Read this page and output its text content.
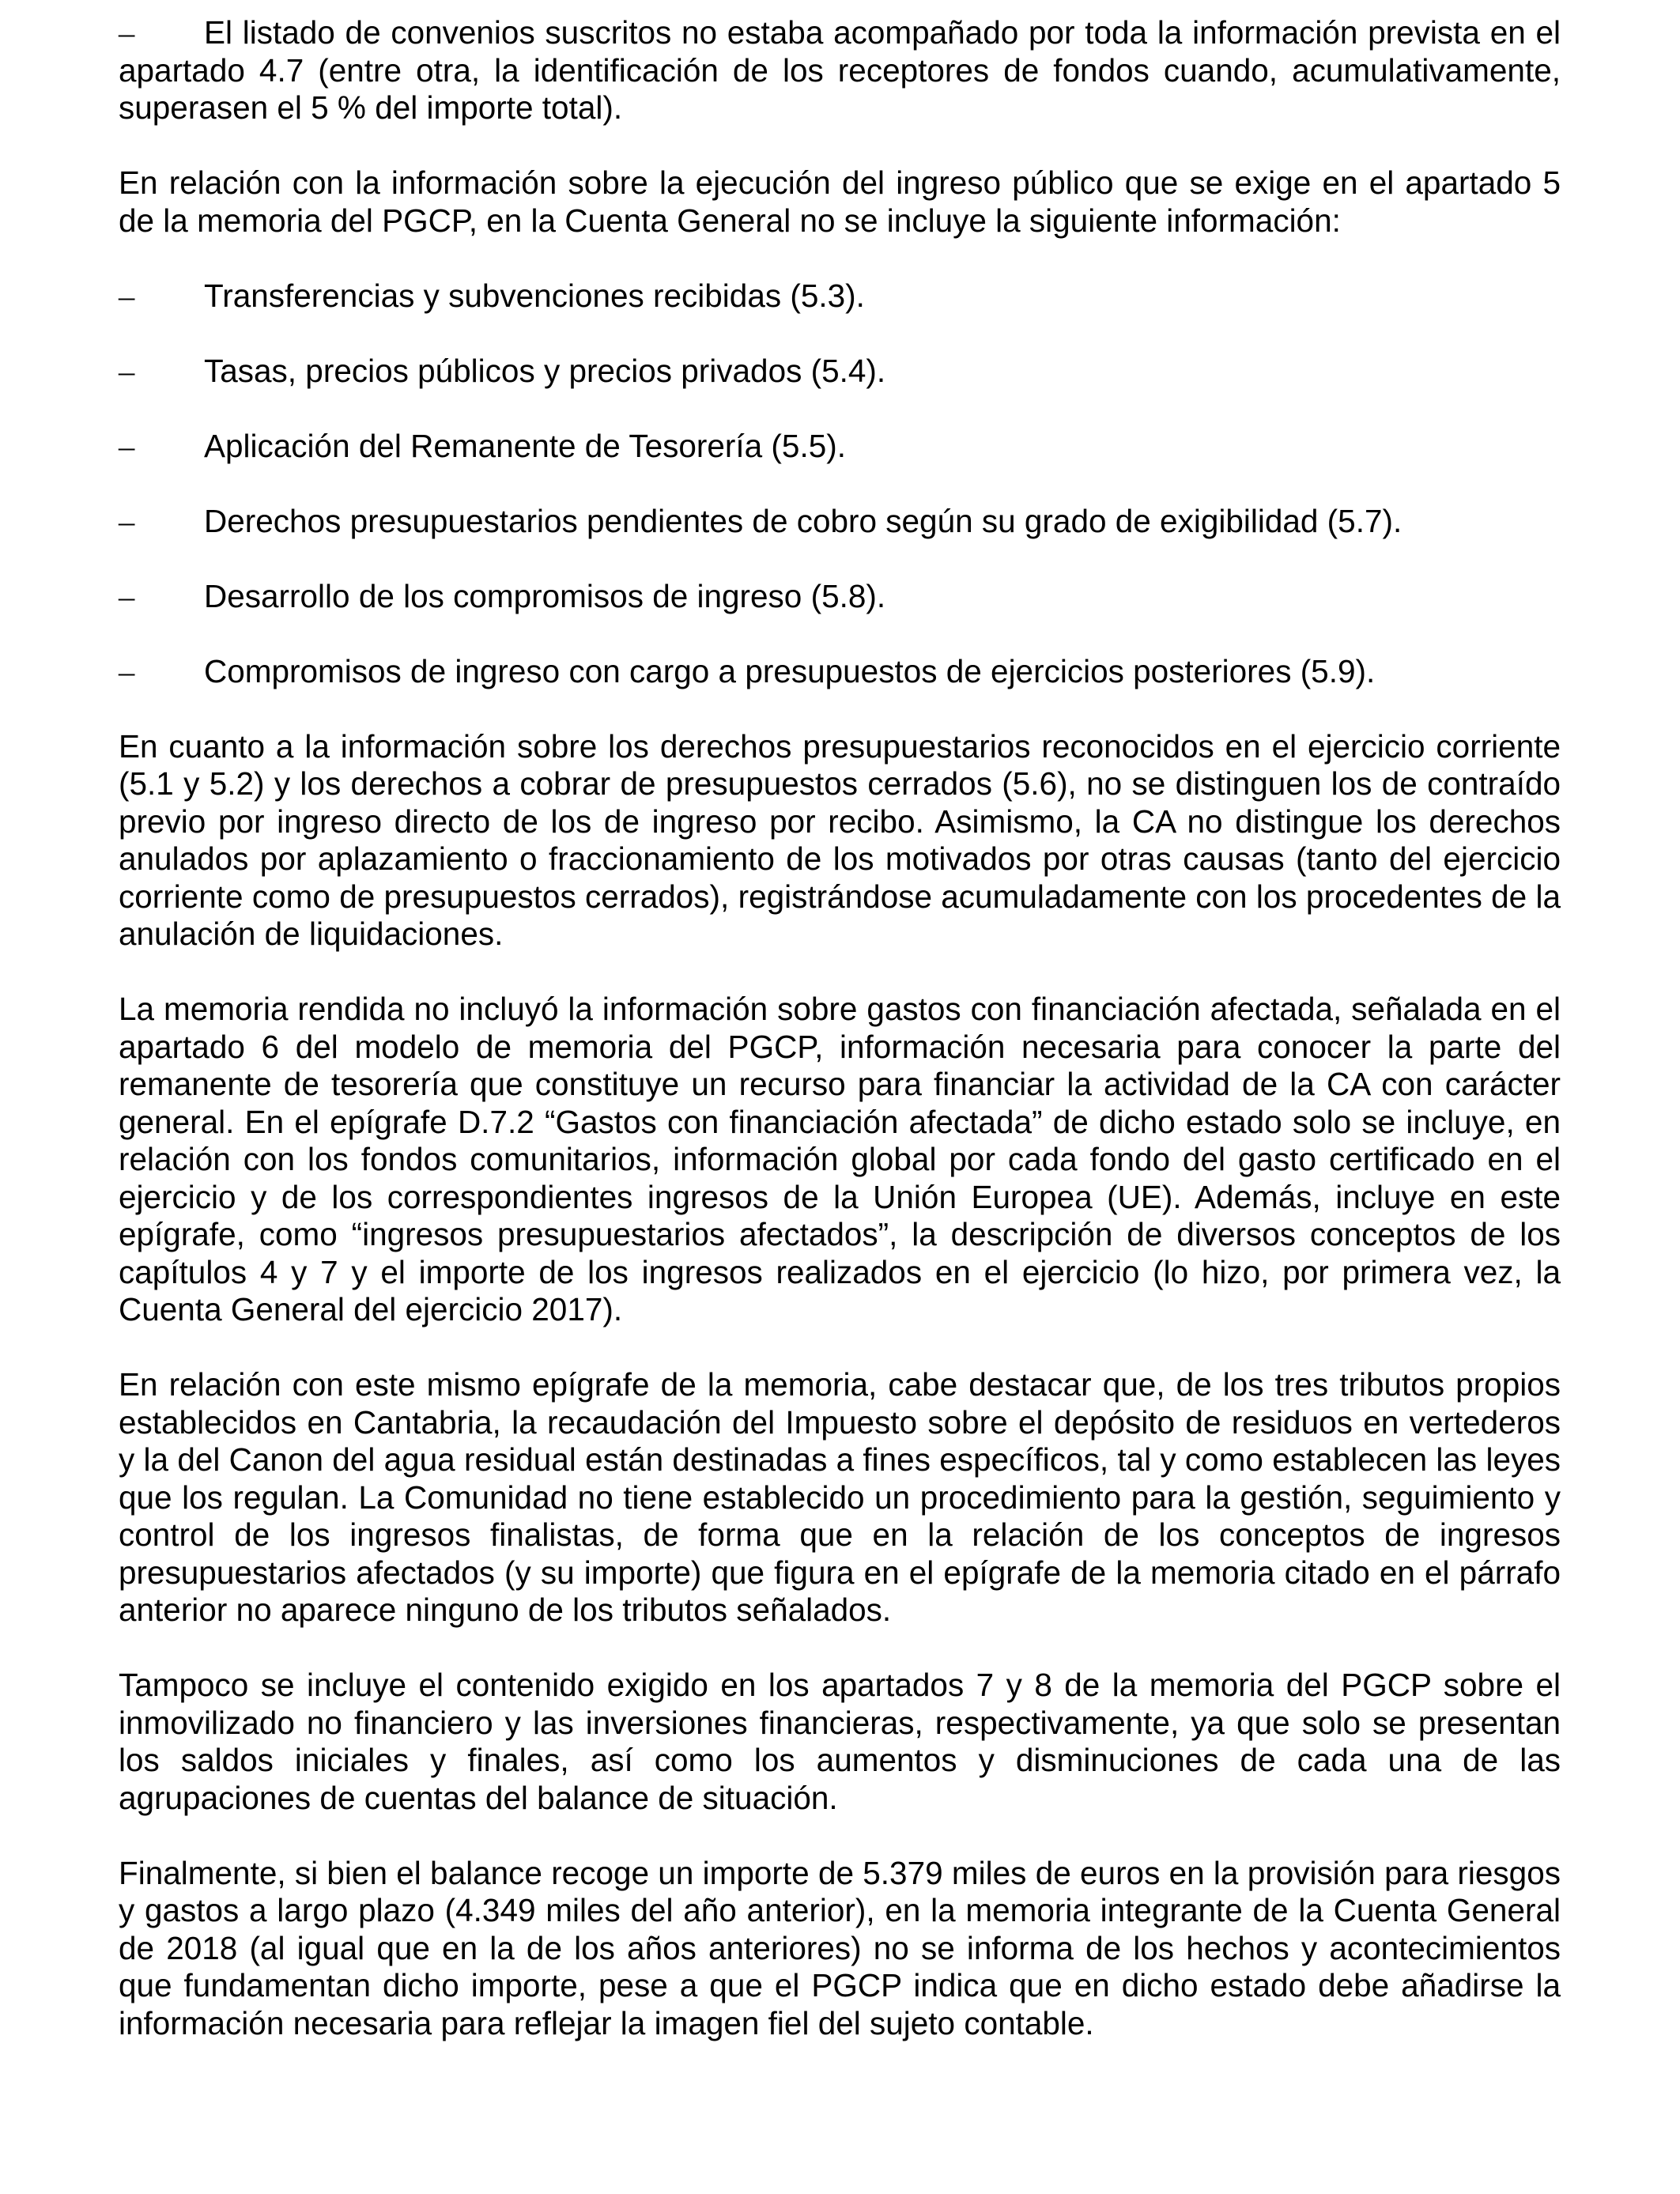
– El listado de convenios suscritos no estaba acompañado por toda la información prevista en el apartado 4.7 (entre otra, la identificación de los receptores de fondos cuando, acumulativamente, superasen el 5 % del importe total).

En relación con la información sobre la ejecución del ingreso público que se exige en el apartado 5 de la memoria del PGCP, en la Cuenta General no se incluye la siguiente información:

–	Transferencias y subvenciones recibidas (5.3).
–	Tasas, precios públicos y precios privados (5.4).
–	Aplicación del Remanente de Tesorería (5.5).
–	Derechos presupuestarios pendientes de cobro según su grado de exigibilidad (5.7).
–	Desarrollo de los compromisos de ingreso (5.8).
–	Compromisos de ingreso con cargo a presupuestos de ejercicios posteriores (5.9).

En cuanto a la información sobre los derechos presupuestarios reconocidos en el ejercicio corriente (5.1 y 5.2) y los derechos a cobrar de presupuestos cerrados (5.6), no se distinguen los de contraído previo por ingreso directo de los de ingreso por recibo. Asimismo, la CA no distingue los derechos anulados por aplazamiento o fraccionamiento de los motivados por otras causas (tanto del ejercicio corriente como de presupuestos cerrados), registrándose acumuladamente con los procedentes de la anulación de liquidaciones.

La memoria rendida no incluyó la información sobre gastos con financiación afectada, señalada en el apartado 6 del modelo de memoria del PGCP, información necesaria para conocer la parte del remanente de tesorería que constituye un recurso para financiar la actividad de la CA con carácter general. En el epígrafe D.7.2 “Gastos con financiación afectada” de dicho estado solo se incluye, en relación con los fondos comunitarios, información global por cada fondo del gasto certificado en el ejercicio y de los correspondientes ingresos de la Unión Europea (UE). Además, incluye en este epígrafe, como “ingresos presupuestarios afectados”, la descripción de diversos conceptos de los capítulos 4 y 7 y el importe de los ingresos realizados en el ejercicio (lo hizo, por primera vez, la Cuenta General del ejercicio 2017).

En relación con este mismo epígrafe de la memoria, cabe destacar que, de los tres tributos propios establecidos en Cantabria, la recaudación del Impuesto sobre el depósito de residuos en vertederos y la del Canon del agua residual están destinadas a fines específicos, tal y como establecen las leyes que los regulan. La Comunidad no tiene establecido un procedimiento para la gestión, seguimiento y control de los ingresos finalistas, de forma que en la relación de los conceptos de ingresos presupuestarios afectados (y su importe) que figura en el epígrafe de la memoria citado en el párrafo anterior no aparece ninguno de los tributos señalados.

Tampoco se incluye el contenido exigido en los apartados 7 y 8 de la memoria del PGCP sobre el inmovilizado no financiero y las inversiones financieras, respectivamente, ya que solo se presentan los saldos iniciales y finales, así como los aumentos y disminuciones de cada una de las agrupaciones de cuentas del balance de situación.

Finalmente, si bien el balance recoge un importe de 5.379 miles de euros en la provisión para riesgos y gastos a largo plazo (4.349 miles del año anterior), en la memoria integrante de la Cuenta General de 2018 (al igual que en la de los años anteriores) no se informa de los hechos y acontecimientos que fundamentan dicho importe, pese a que el PGCP indica que en dicho estado debe añadirse la información necesaria para reflejar la imagen fiel del sujeto contable.
